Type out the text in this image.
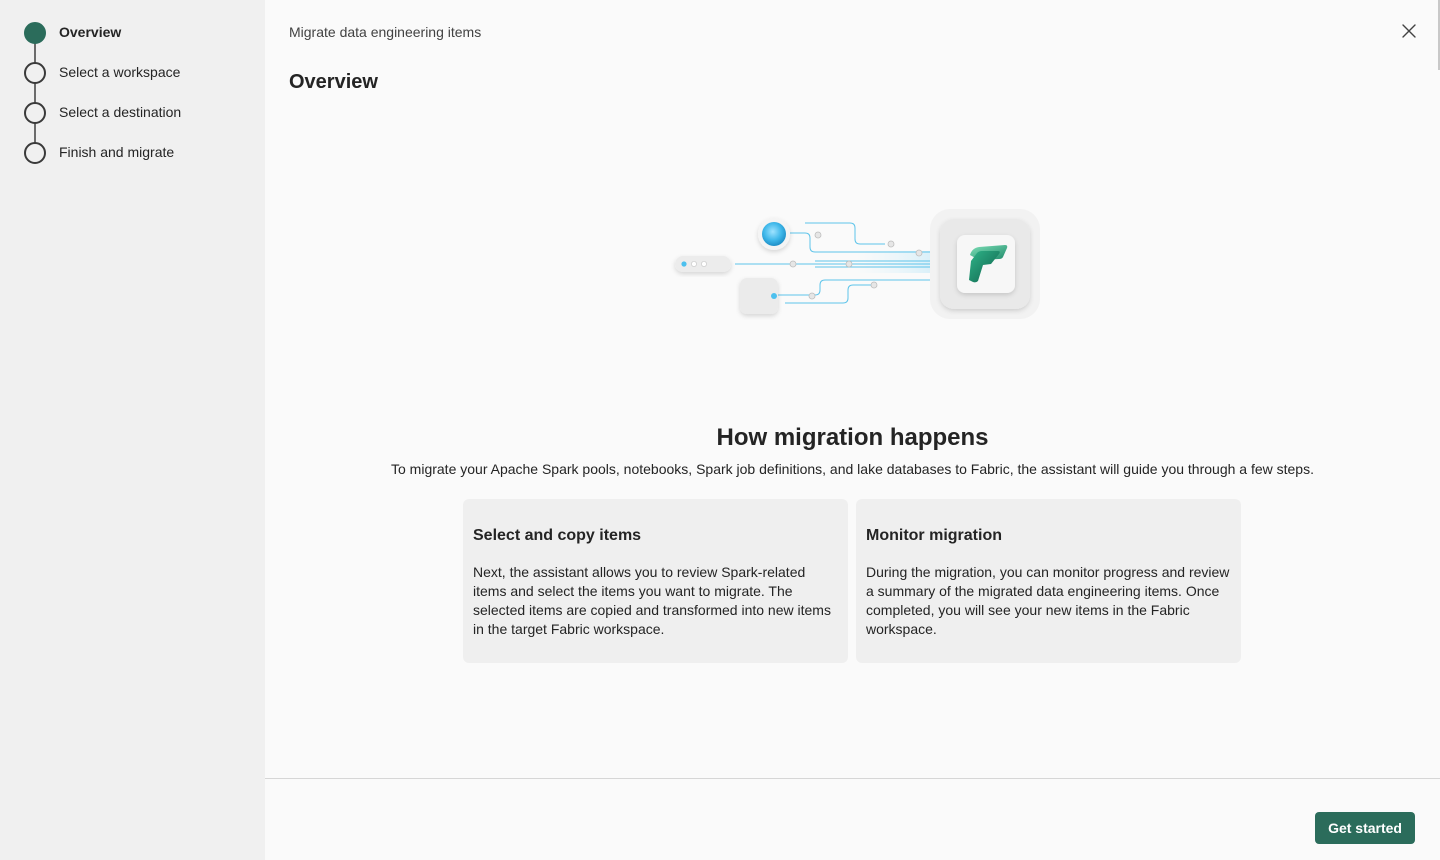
Overview
Select a workspace
Select a destination
Finish and migrate
Migrate data engineering items
Overview
How migration happens

To migrate your Apache Spark pools, notebooks, Spark job definitions, and lake databases to Fabric, the assistant will guide you through a few steps.

Select and copy items
Next, the assistant allows you to review Spark-related items and select the items you want to migrate. The selected items are copied and transformed into new items in the target Fabric workspace.
Monitor migration
During the migration, you can monitor progress and review a summary of the migrated data engineering items. Once completed, you will see your new items in the Fabric workspace.
Get started
